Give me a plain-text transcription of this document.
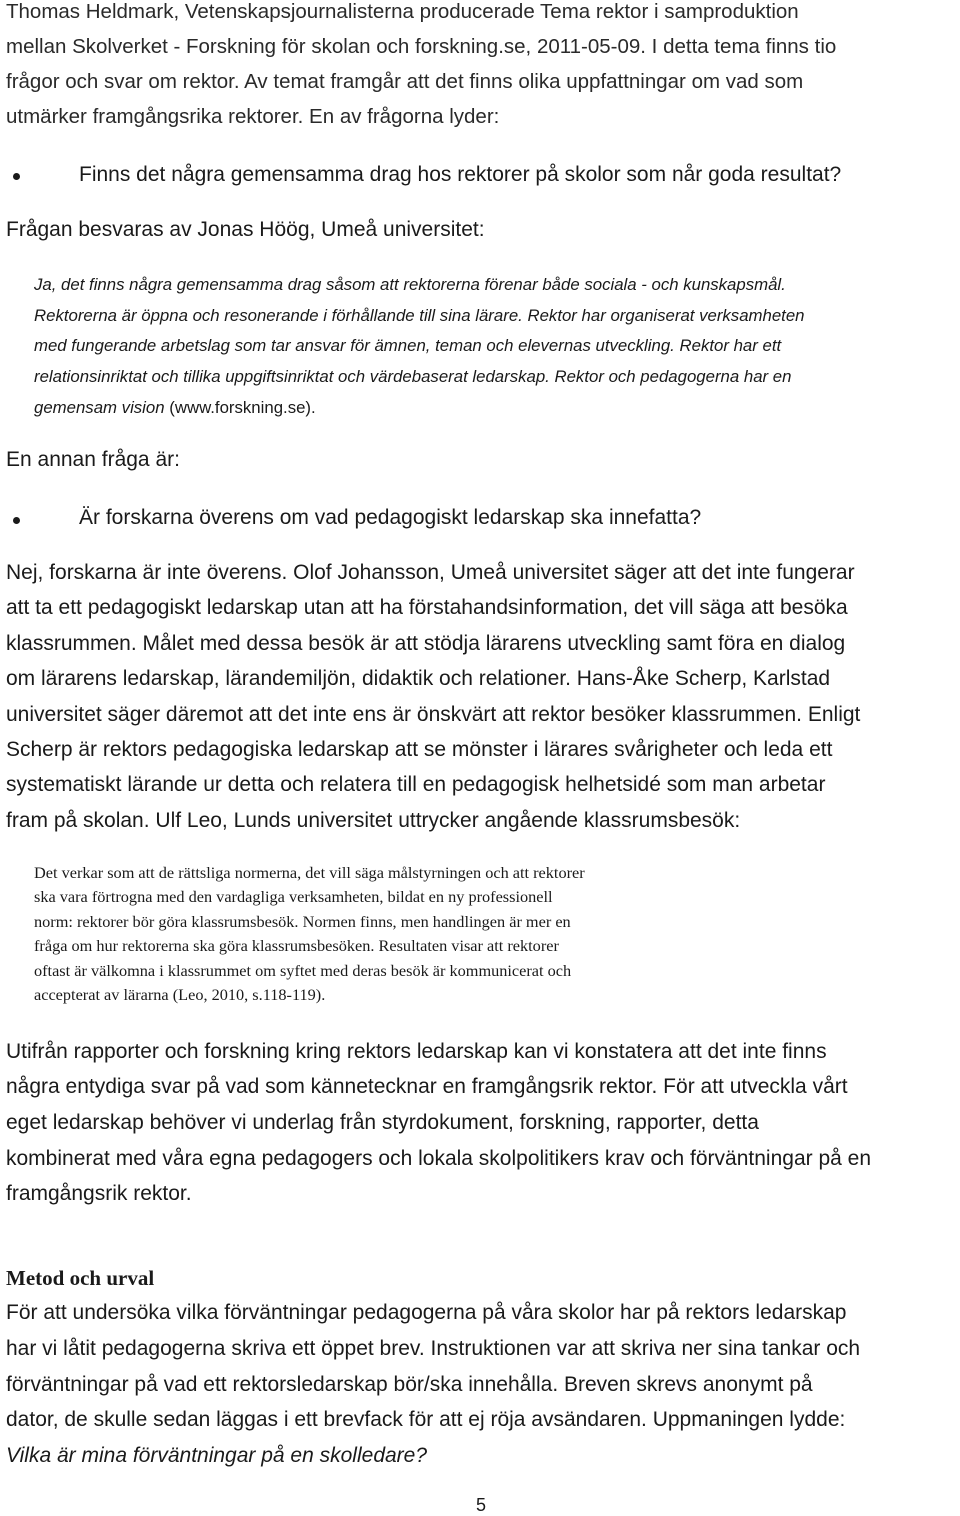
Thomas Heldmark, Vetenskapsjournalisterna producerade Tema rektor i samproduktion
mellan Skolverket - Forskning för skolan och forskning.se, 2011-05-09. I detta tema finns tio
frågor och svar om rektor. Av temat framgår att det finns olika uppfattningar om vad som
utmärker framgångsrika rektorer. En av frågorna lyder:
Finns det några gemensamma drag hos rektorer på skolor som når goda resultat?
Frågan besvaras av Jonas Höög, Umeå universitet:
Ja, det finns några gemensamma drag såsom att rektorerna förenar både sociala - och kunskapsmål.
Rektorerna är öppna och resonerande i förhållande till sina lärare. Rektor har organiserat verksamheten
med fungerande arbetslag som tar ansvar för ämnen, teman och elevernas utveckling. Rektor har ett
relationsinriktat och tillika uppgiftsinriktat och värdebaserat ledarskap. Rektor och pedagogerna har en
gemensam vision (www.forskning.se).
En annan fråga är:
Är forskarna överens om vad pedagogiskt ledarskap ska innefatta?
Nej, forskarna är inte överens. Olof Johansson, Umeå universitet säger att det inte fungerar
att ta ett pedagogiskt ledarskap utan att ha förstahandsinformation, det vill säga att besöka
klassrummen. Målet med dessa besök är att stödja lärarens utveckling samt föra en dialog
om lärarens ledarskap, lärandemiljön, didaktik och relationer. Hans-Åke Scherp, Karlstad
universitet säger däremot att det inte ens är önskvärt att rektor besöker klassrummen. Enligt
Scherp är rektors pedagogiska ledarskap att se mönster i lärares svårigheter och leda ett
systematiskt lärande ur detta och relatera till en pedagogisk helhetsidé som man arbetar
fram på skolan. Ulf Leo, Lunds universitet uttrycker angående klassrumsbesök:
Det verkar som att de rättsliga normerna, det vill säga målstyrningen och att rektorer
ska vara förtrogna med den vardagliga verksamheten, bildat en ny professionell
norm: rektorer bör göra klassrumsbesök. Normen finns, men handlingen är mer en
fråga om hur rektorerna ska göra klassrumsbesöken. Resultaten visar att rektorer
oftast är välkomna i klassrummet om syftet med deras besök är kommunicerat och
accepterat av lärarna (Leo, 2010, s.118-119).
Utifrån rapporter och forskning kring rektors ledarskap kan vi konstatera att det inte finns
några entydiga svar på vad som kännetecknar en framgångsrik rektor. För att utveckla vårt
eget ledarskap behöver vi underlag från styrdokument, forskning, rapporter, detta
kombinerat med våra egna pedagogers och lokala skolpolitikers krav och förväntningar på en
framgångsrik rektor.
Metod och urval
För att undersöka vilka förväntningar pedagogerna på våra skolor har på rektors ledarskap
har vi låtit pedagogerna skriva ett öppet brev. Instruktionen var att skriva ner sina tankar och
förväntningar på vad ett rektorsledarskap bör/ska innehålla. Breven skrevs anonymt på
dator, de skulle sedan läggas i ett brevfack för att ej röja avsändaren. Uppmaningen lydde:
Vilka är mina förväntningar på en skolledare?
5
